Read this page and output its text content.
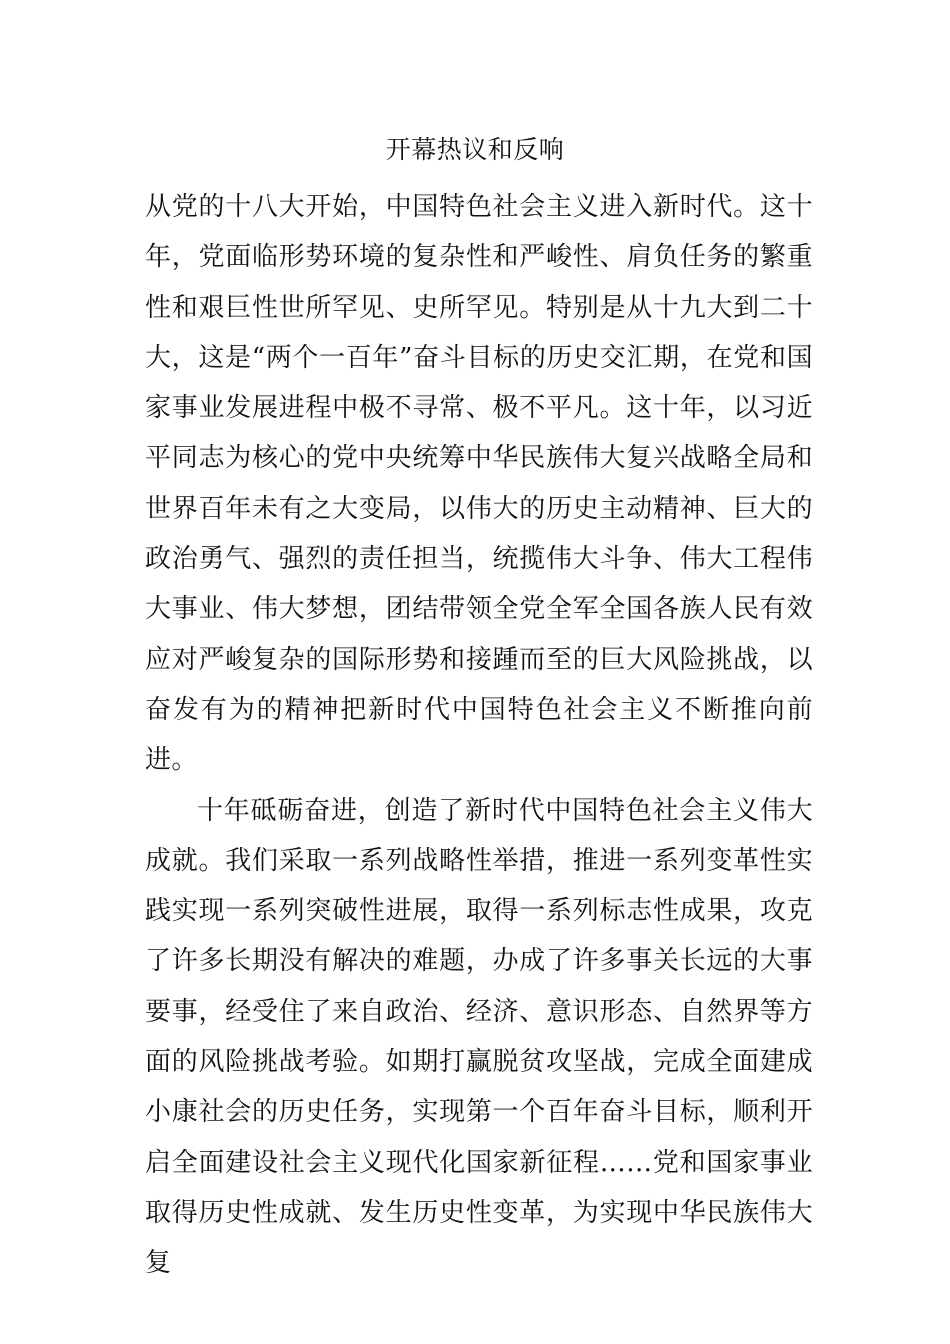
开幕热议和反响

从党的十八大开始，中国特色社会主义进入新时代。这十年，党面临形势环境的复杂性和严峻性、肩负任务的繁重性和艰巨性世所罕见、史所罕见。特别是从十九大到二十大，这是“两个一百年”奋斗目标的历史交汇期，在党和国家事业发展进程中极不寻常、极不平凡。这十年，以习近平同志为核心的党中央统筹中华民族伟大复兴战略全局和世界百年未有之大变局，以伟大的历史主动精神、巨大的政治勇气、强烈的责任担当，统揽伟大斗争、伟大工程伟大事业、伟大梦想，团结带领全党全军全国各族人民有效应对严峻复杂的国际形势和接踵而至的巨大风险挑战，以奋发有为的精神把新时代中国特色社会主义不断推向前进。

十年砥砺奋进，创造了新时代中国特色社会主义伟大成就。我们采取一系列战略性举措，推进一系列变革性实践实现一系列突破性进展，取得一系列标志性成果，攻克了许多长期没有解决的难题，办成了许多事关长远的大事要事，经受住了来自政治、经济、意识形态、自然界等方面的风险挑战考验。如期打赢脱贫攻坚战，完成全面建成小康社会的历史任务，实现第一个百年奋斗目标，顺利开启全面建设社会主义现代化国家新征程……党和国家事业取得历史性成就、发生历史性变革，为实现中华民族伟大复
